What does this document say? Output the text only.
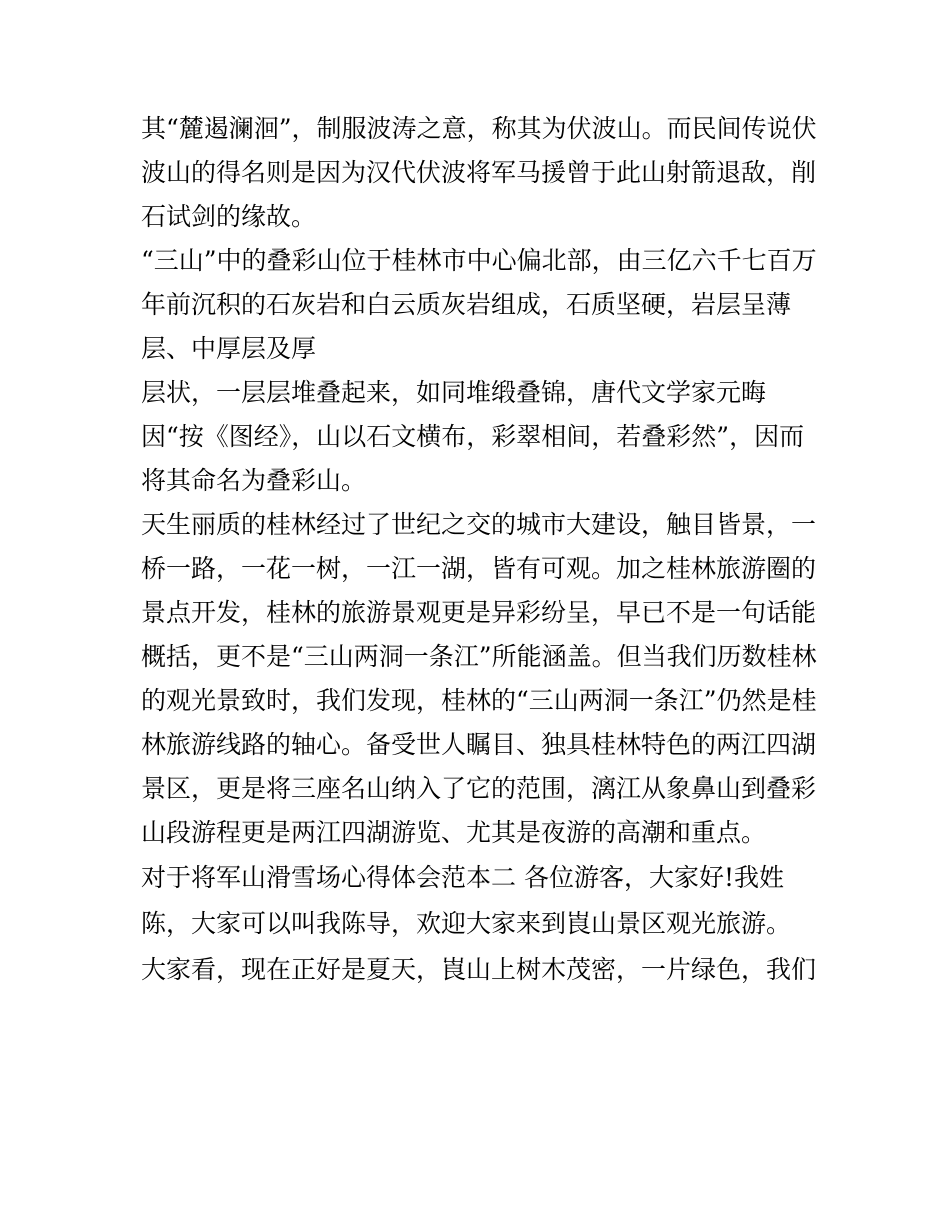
其“麓遏澜洄”，制服波涛之意，称其为伏波山。而民间传说伏
波山的得名则是因为汉代伏波将军马援曾于此山射箭退敌，削
石试剑的缘故。
“三山”中的叠彩山位于桂林市中心偏北部，由三亿六千七百万
年前沉积的石灰岩和白云质灰岩组成，石质坚硬，岩层呈薄
层、中厚层及厚
层状，一层层堆叠起来，如同堆缎叠锦，唐代文学家元晦
因“按《图经》，山以石文横布，彩翠相间，若叠彩然”，因而
将其命名为叠彩山。
天生丽质的桂林经过了世纪之交的城市大建设，触目皆景，一
桥一路，一花一树，一江一湖，皆有可观。加之桂林旅游圈的
景点开发，桂林的旅游景观更是异彩纷呈，早已不是一句话能
概括，更不是“三山两洞一条江”所能涵盖。但当我们历数桂林
的观光景致时，我们发现，桂林的“三山两洞一条江”仍然是桂
林旅游线路的轴心。备受世人瞩目、独具桂林特色的两江四湖
景区，更是将三座名山纳入了它的范围，漓江从象鼻山到叠彩
山段游程更是两江四湖游览、尤其是夜游的高潮和重点。
对于将军山滑雪场心得体会范本二 各位游客，大家好!我姓
陈，大家可以叫我陈导，欢迎大家来到崀山景区观光旅游。
大家看，现在正好是夏天，崀山上树木茂密，一片绿色，我们
